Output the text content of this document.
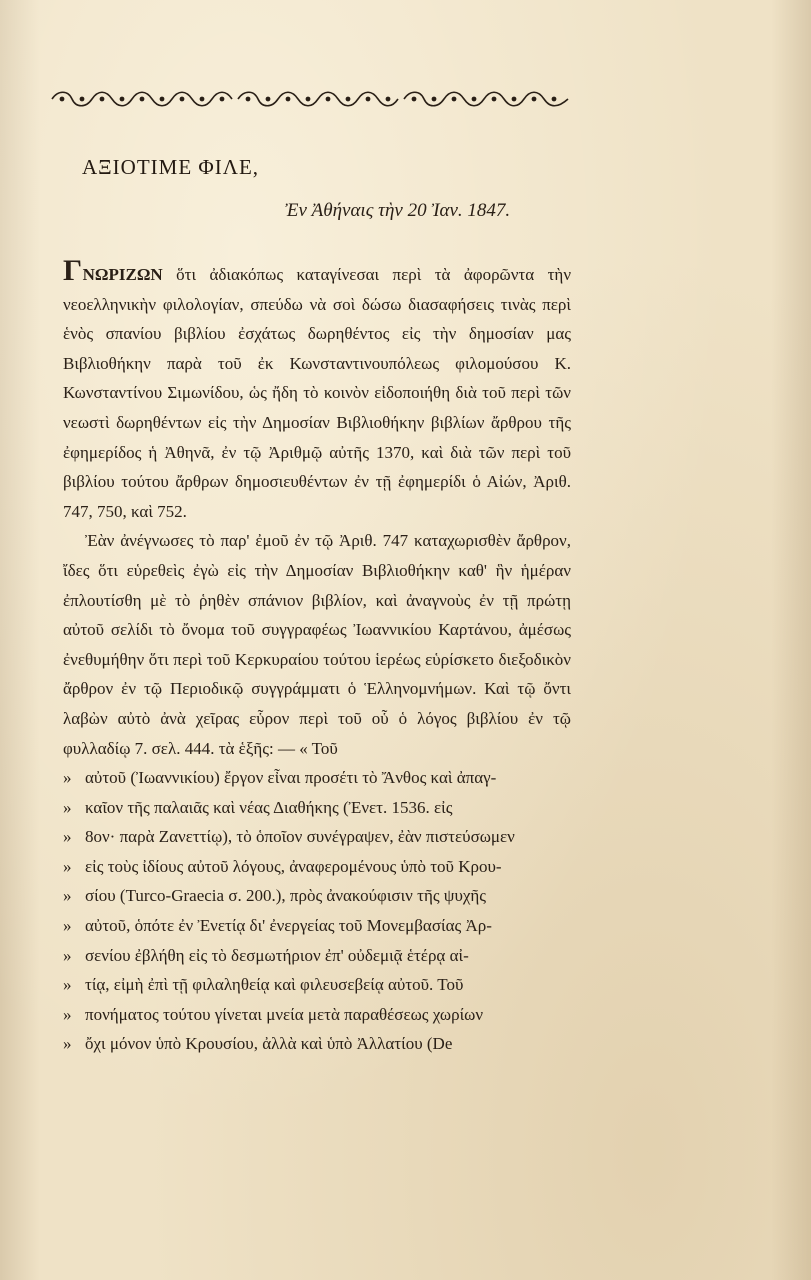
ΑΞΙΟΤΙΜΕ ΦΙΛΕ,
Ἐν Ἀθήναις τὴν 20 Ἰαν. 1847.

ΓΝΩΡΙΖΩΝ ὅτι ἀδιακόπως καταγίνεσαι περὶ τὰ ἀφορῶντα τὴν νεοελληνικὴν φιλολογίαν, σπεύδω νὰ σοὶ δώσω διασαφήσεις τινὰς περὶ ἑνὸς σπανίου βιβλίου ἐσχάτως δωρηθέντος εἰς τὴν δημοσίαν μας Βιβλιοθήκην παρὰ τοῦ ἐκ Κωνσταντινουπόλεως φιλομούσου Κ. Κωνσταντίνου Σιμωνίδου, ὡς ἤδη τὸ κοινὸν εἰδοποιήθη διὰ τοῦ περὶ τῶν νεωστὶ δωρηθέντων εἰς τὴν Δημοσίαν Βιβλιοθήκην βιβλίων ἄρθρου τῆς ἐφημερίδος ἡ Ἀθηνᾶ, ἐν τῷ Ἀριθμῷ αὐτῆς 1370, καὶ διὰ τῶν περὶ τοῦ βιβλίου τούτου ἄρθρων δημοσιευθέντων ἐν τῇ ἐφημερίδι ὁ Αἰών, Ἀριθ. 747, 750, καὶ 752.

Ἐὰν ἀνέγνωσες τὸ παρ' ἐμοῦ ἐν τῷ Ἀριθ. 747 καταχωρισθὲν ἄρθρον, ἴδες ὅτι εὑρεθεὶς ἐγὼ εἰς τὴν Δημοσίαν Βιβλιοθήκην καθ' ἣν ἡμέραν ἐπλουτίσθη μὲ τὸ ῥηθὲν σπάνιον βιβλίον, καὶ ἀναγνοὺς ἐν τῇ πρώτῃ αὐτοῦ σελίδι τὸ ὄνομα τοῦ συγγραφέως Ἰωαννικίου Καρτάνου, ἀμέσως ἐνεθυμήθην ὅτι περὶ τοῦ Κερκυραίου τούτου ἱερέως εὑρίσκετο διεξοδικὸν ἄρθρον ἐν τῷ Περιοδικῷ συγγράμματι ὁ Ἑλληνομνήμων. Καὶ τῷ ὄντι λαβὼν αὐτὸ ἀνὰ χεῖρας εὗρον περὶ τοῦ οὗ ὁ λόγος βιβλίου ἐν τῷ φυλλαδίῳ 7. σελ. 444. τὰ ἑξῆς: — « Τοῦ

» αὐτοῦ (Ἰωαννικίου) ἔργον εἶναι προσέτι τὸ Ἄνθος καὶ ἀπαγ-
» καῖον τῆς παλαιᾶς καὶ νέας Διαθήκης (Ἐνετ. 1536. εἰς
» 8ον· παρὰ Ζανεττίῳ), τὸ ὁποῖον συνέγραψεν, ἐὰν πιστεύσωμεν
» εἰς τοὺς ἰδίους αὐτοῦ λόγους, ἀναφερομένους ὑπὸ τοῦ Κρου-
» σίου (Turco-Graecia σ. 200.), πρὸς ἀνακούφισιν τῆς ψυχῆς
» αὐτοῦ, ὁπότε ἐν Ἐνετίᾳ δι' ἐνεργείας τοῦ Μονεμβασίας Ἀρ-
» σενίου ἐβλήθη εἰς τὸ δεσμωτήριον ἐπ' οὐδεμιᾷ ἑτέρᾳ αἰ-
» τίᾳ, εἰμὴ ἐπὶ τῇ φιλαληθείᾳ καὶ φιλευσεβείᾳ αὐτοῦ. Τοῦ
» πονήματος τούτου γίνεται μνεία μετὰ παραθέσεως χωρίων
» ὄχι μόνον ὑπὸ Κρουσίου, ἀλλὰ καὶ ὑπὸ Ἀλλατίου (De
